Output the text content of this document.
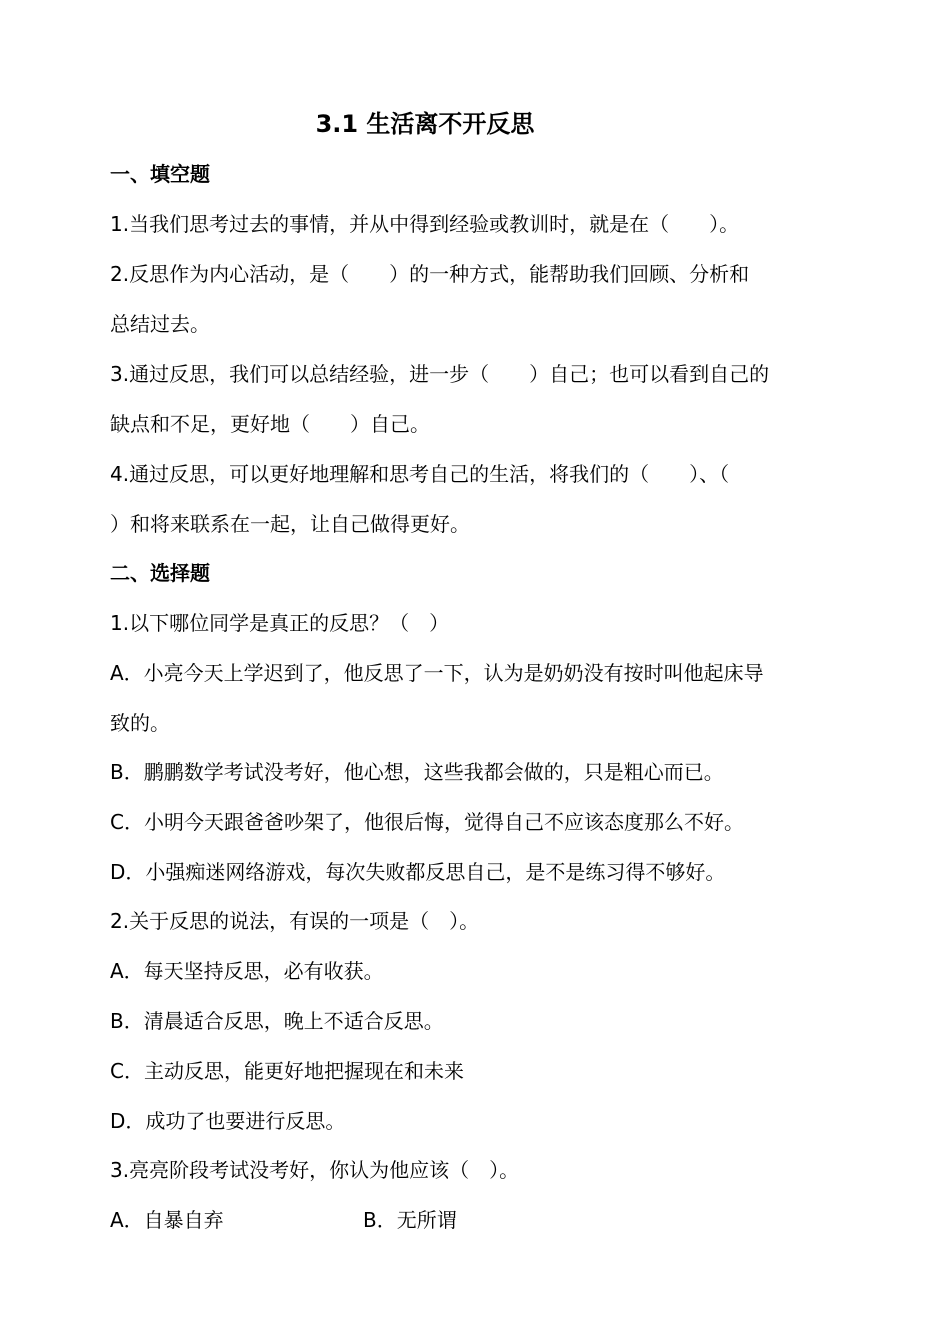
3.1 生活离不开反思
一、填空题
1.当我们思考过去的事情，并从中得到经验或教训时，就是在（　　）。
2.反思作为内心活动，是（　　）的一种方式，能帮助我们回顾、分析和
总结过去。
3.通过反思，我们可以总结经验，进一步（　　）自己；也可以看到自己的
缺点和不足，更好地（　　）自己。
4.通过反思，可以更好地理解和思考自己的生活，将我们的（　　）、（
）和将来联系在一起，让自己做得更好。
二、选择题
1.以下哪位同学是真正的反思？（　）
A．小亮今天上学迟到了，他反思了一下，认为是奶奶没有按时叫他起床导
致的。
B．鹏鹏数学考试没考好，他心想，这些我都会做的，只是粗心而已。
C．小明今天跟爸爸吵架了，他很后悔，觉得自己不应该态度那么不好。
D．小强痴迷网络游戏，每次失败都反思自己，是不是练习得不够好。
2.关于反思的说法，有误的一项是（　）。
A．每天坚持反思，必有收获。
B．清晨适合反思，晚上不适合反思。
C．主动反思，能更好地把握现在和未来
D．成功了也要进行反思。
3.亮亮阶段考试没考好，你认为他应该（　）。
A．自暴自弃	B．无所谓
